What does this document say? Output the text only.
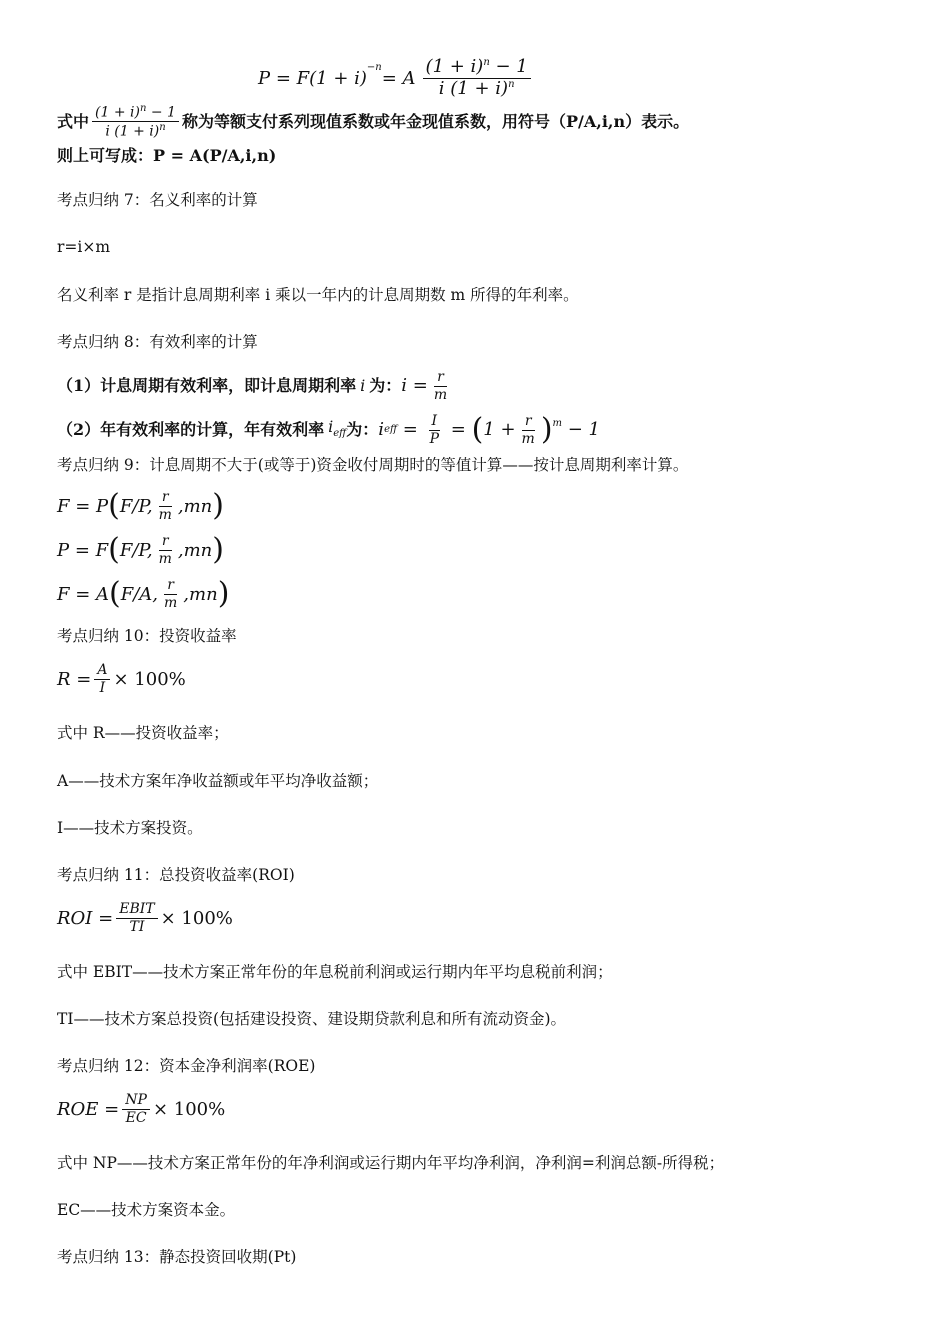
P = F(1 + i)
$^{-n}$
= A $\frac{(1 + i)^n - 1}{i (1 + i)^n}$
式中 $\frac{(1 + i)^n - 1}{i (1 + i)^n}$ 称为等额支付系列现值系数或年金现值系数，用符号（P/A,i,n）表示。
则上可写成：P = A(P/A,i,n)
考点归纳 7：名义利率的计算
r=i×m
名义利率 r 是指计息周期利率 i 乘以一年内的计息周期数 m 所得的年利率。
考点归纳 8：有效利率的计算
（1）计息周期有效利率，即计息周期利率 i 为： $i = \frac{r}{m}$
（2）年有效利率的计算，年有效利率 $i_{eff}$ 为： i eff = $\frac{I}{P}$ = ( $1 + \frac{r}{m} )^m - 1$
考点归纳 9：计息周期不大于(或等于)资金收付周期时的等值计算——按计息周期利率计算。
F = P ( F/P, $\frac{r}{m} ,mn$ )
P = F ( F/P, $\frac{r}{m} ,mn$ )
F = A ( F/A, $\frac{r}{m} ,mn$ )
考点归纳 10：投资收益率
$R = \frac{A}{I} \times 100\%$
式中 R——投资收益率；
A——技术方案年净收益额或年平均净收益额；
I——技术方案投资。
考点归纳 11：总投资收益率(ROI)
ROI = $\frac{\text{EBIT}}{TI} \times 100\%$
式中 EBIT——技术方案正常年份的年息税前利润或运行期内年平均息税前利润；
TI——技术方案总投资(包括建设投资、建设期贷款利息和所有流动资金)。
考点归纳 12：资本金净利润率(ROE)
ROE = $\frac{NP}{EC} \times 100\%$
式中 NP——技术方案正常年份的年净利润或运行期内年平均净利润，净利润=利润总额-所得税；
EC——技术方案资本金。
考点归纳 13：静态投资回收期(Pt)
